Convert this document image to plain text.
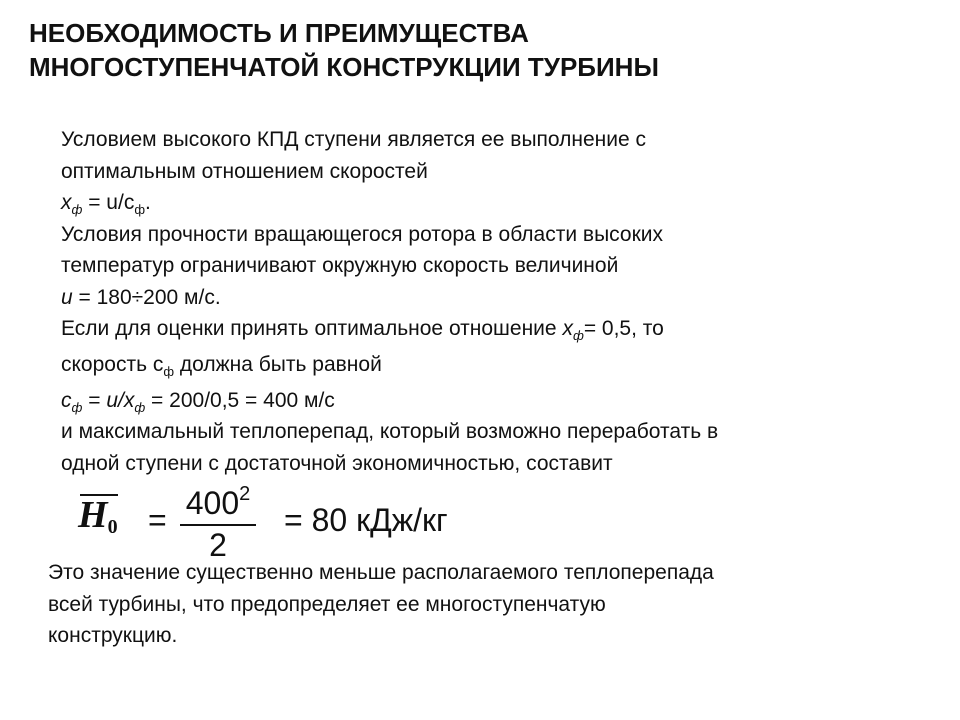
НЕОБХОДИМОСТЬ И ПРЕИМУЩЕСТВА
МНОГОСТУПЕНЧАТОЙ КОНСТРУКЦИИ ТУРБИНЫ
Условием высокого КПД ступени является ее выполнение с
оптимальным отношением скоростей
$x_ф = u/c_ф$.
Условия прочности вращающегося ротора в области высоких
температур ограничивают окружную скорость величиной
u = 180÷200 м/с.
Если для оценки принять оптимальное отношение $x_ф= 0,5$, то
скорость $с_ф$ должна быть равной
$c_ф = u/x_ф = 200/0,5 = 400$ м/с
и максимальный теплоперепад, который возможно переработать в
одной ступени с достаточной экономичностью, составит
$H_0 = 400^2$
2
= 80 кДж/кг
Это значение существенно меньше располагаемого теплоперепада
всей турбины, что предопределяет ее многоступенчатую
конструкцию.
